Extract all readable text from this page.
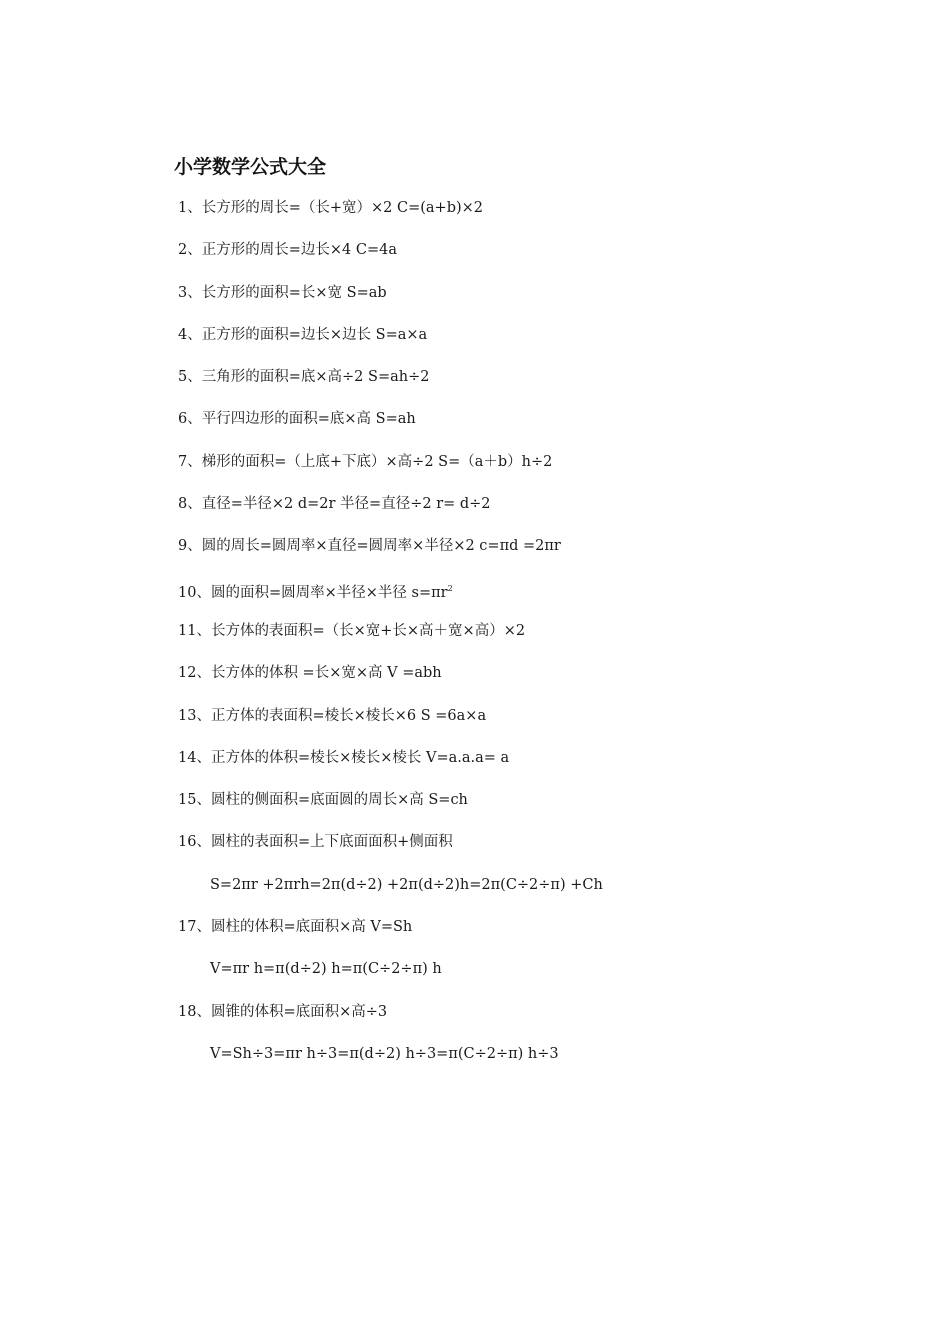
小学数学公式大全
1、长方形的周长=（长+宽）×2 C=(a+b)×2
2、正方形的周长=边长×4 C=4a
3、长方形的面积=长×宽 S=ab
4、正方形的面积=边长×边长 S=a×a
5、三角形的面积=底×高÷2 S=ah÷2
6、平行四边形的面积=底×高 S=ah
7、梯形的面积=（上底+下底）×高÷2 S=（a＋b）h÷2
8、直径=半径×2 d=2r 半径=直径÷2 r= d÷2
9、圆的周长=圆周率×直径=圆周率×半径×2 c=πd =2πr
10、圆的面积=圆周率×半径×半径 $s=\pi r^2$
11、长方体的表面积=（长×宽+长×高＋宽×高）×2
12、长方体的体积 =长×宽×高 V =abh
13、正方体的表面积=棱长×棱长×6 S =6a×a
14、正方体的体积=棱长×棱长×棱长 V=a.a.a= a
15、圆柱的侧面积=底面圆的周长×高 S=ch
16、圆柱的表面积=上下底面面积+侧面积
S=2πr +2πrh=2π(d÷2) +2π(d÷2)h=2π(C÷2÷π) +Ch
17、圆柱的体积=底面积×高 V=Sh
V=πr h=π(d÷2) h=π(C÷2÷π) h
18、圆锥的体积=底面积×高÷3
V=Sh÷3=πr h÷3=π(d÷2) h÷3=π(C÷2÷π) h÷3
